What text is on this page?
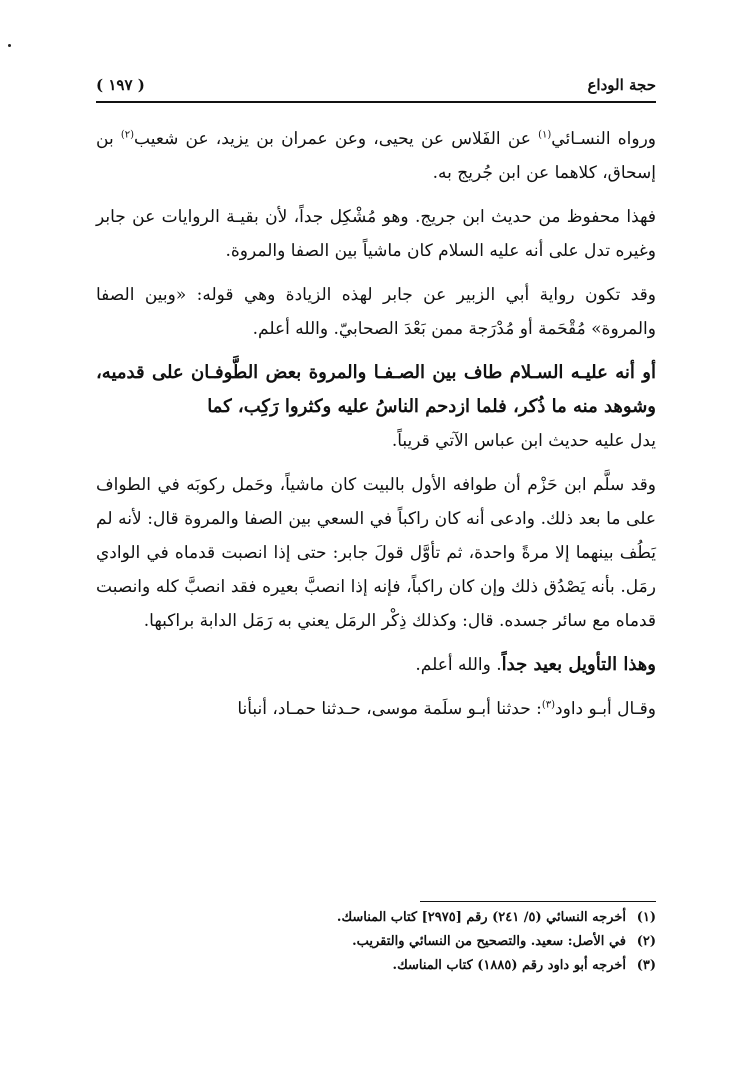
حجة الوداع
( ١٩٧ )

ورواه النسـائي$^{(١)}$ عن الفَلاس عن يحيى، وعن عمران بن يزيد، عن شعيب$^{(٢)}$ بن إسحاق، كلاهما عن ابن جُريج به.

فهذا محفوظ من حديث ابن جريج. وهو مُشْكِل جداً، لأن بقيـة الروايات عن جابر وغيره تدل على أنه عليه السلام كان ماشياً بين الصفا والمروة.

وقد تكون رواية أبي الزبير عن جابر لهذه الزيادة وهي قوله: «وبين الصفا والمروة» مُقْحَمة أو مُدْرَجة ممن بَعْدَ الصحابيّ. والله أعلم.

أو أنه عليـه السـلام طاف بين الصـفـا والمروة بعض الطَّوفـان على قدميه، وشوهد منه ما ذُكر، فلما ازدحم الناسُ عليه وكثروا رَكِب، كما

يدل عليه حديث ابن عباس الآتي قريباً.

وقد سلَّم ابن حَزْم أن طوافه الأول بالبيت كان ماشياً، وحَمل ركوبَه في الطواف على ما بعد ذلك. وادعى أنه كان راكباً في السعي بين الصفا والمروة قال: لأنه لم يَطُف بينهما إلا مرةً واحدة، ثم تأوَّل قولَ جابر: حتى إذا انصبت قدماه في الوادي رمَل. بأنه يَصْدُق ذلك وإن كان راكباً، فإنه إذا انصبَّ بعيره فقد انصبَّ كله وانصبت قدماه مع سائر جسده. قال: وكذلك ذِكْر الرمَل يعني به رَمَل الدابة براكبها.

وهذا التأويل بعيد جداً. والله أعلم.

وقـال أبـو داود$^{(٣)}$: حدثنا أبـو سلَمة موسى، حـدثنا حمـاد، أنبأنا

(١)أخرجه النسائي (٥/ ٢٤١) رقم [٢٩٧٥] كتاب المناسك.

(٢)في الأصل: سعيد. والتصحيح من النسائي والتقريب.

(٣)أخرجه أبو داود رقم (١٨٨٥) كتاب المناسك.
